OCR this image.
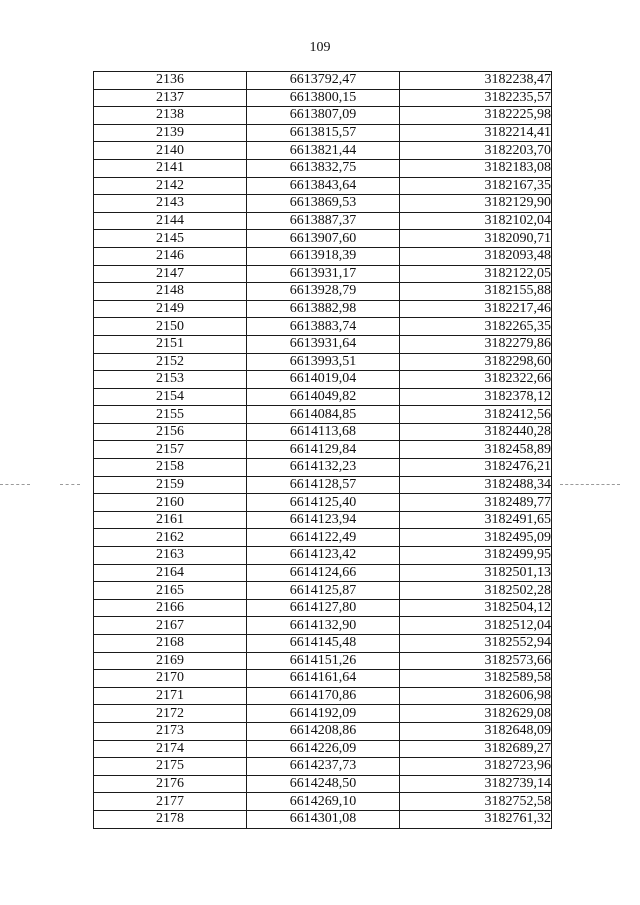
109
2136	6613792,47	3182238,47
2137	6613800,15	3182235,57
2138	6613807,09	3182225,98
2139	6613815,57	3182214,41
2140	6613821,44	3182203,70
2141	6613832,75	3182183,08
2142	6613843,64	3182167,35
2143	6613869,53	3182129,90
2144	6613887,37	3182102,04
2145	6613907,60	3182090,71
2146	6613918,39	3182093,48
2147	6613931,17	3182122,05
2148	6613928,79	3182155,88
2149	6613882,98	3182217,46
2150	6613883,74	3182265,35
2151	6613931,64	3182279,86
2152	6613993,51	3182298,60
2153	6614019,04	3182322,66
2154	6614049,82	3182378,12
2155	6614084,85	3182412,56
2156	6614113,68	3182440,28
2157	6614129,84	3182458,89
2158	6614132,23	3182476,21
2159	6614128,57	3182488,34
2160	6614125,40	3182489,77
2161	6614123,94	3182491,65
2162	6614122,49	3182495,09
2163	6614123,42	3182499,95
2164	6614124,66	3182501,13
2165	6614125,87	3182502,28
2166	6614127,80	3182504,12
2167	6614132,90	3182512,04
2168	6614145,48	3182552,94
2169	6614151,26	3182573,66
2170	6614161,64	3182589,58
2171	6614170,86	3182606,98
2172	6614192,09	3182629,08
2173	6614208,86	3182648,09
2174	6614226,09	3182689,27
2175	6614237,73	3182723,96
2176	6614248,50	3182739,14
2177	6614269,10	3182752,58
2178	6614301,08	3182761,32
